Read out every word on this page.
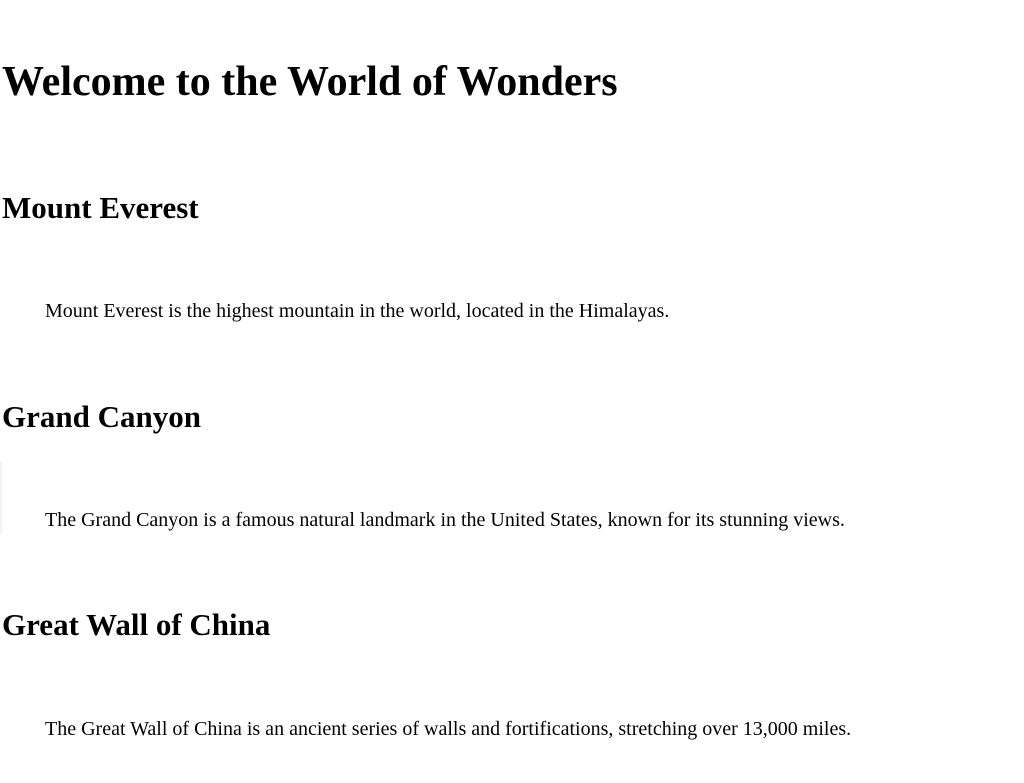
Welcome to the World of Wonders
Mount Everest

Mount Everest is the highest mountain in the world, located in the Himalayas.

Grand Canyon

The Grand Canyon is a famous natural landmark in the United States, known for its stunning views.

Great Wall of China

The Great Wall of China is an ancient series of walls and fortifications, stretching over 13,000 miles.
